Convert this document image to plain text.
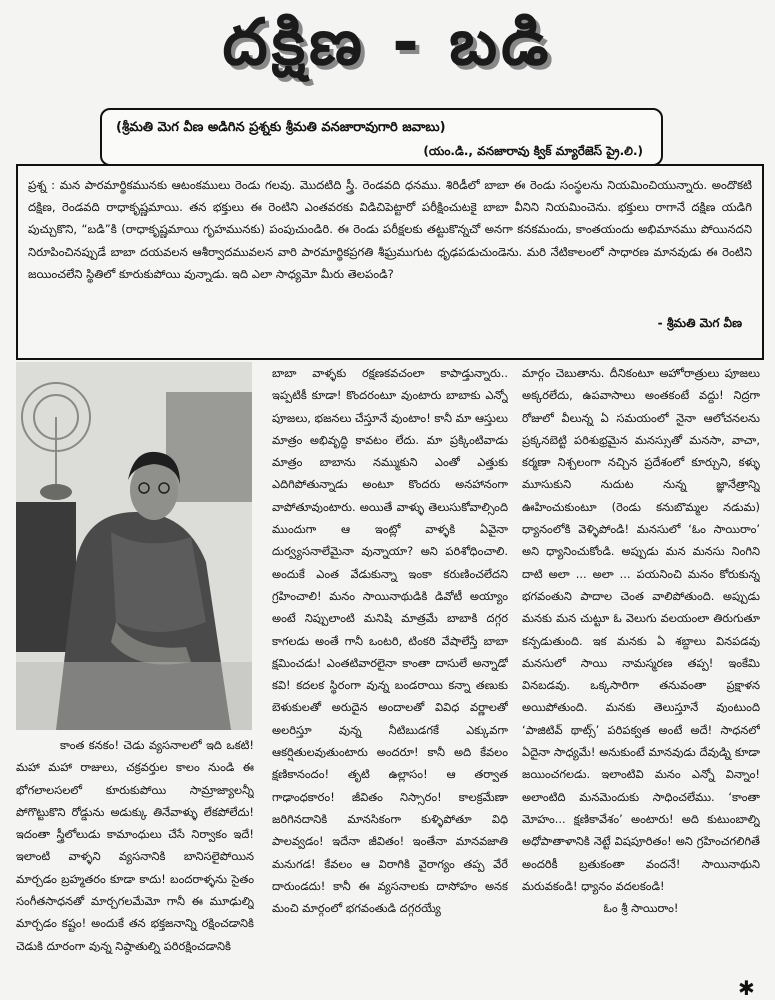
దక్షిణ - బడి
(శ్రీమతి మెగ వీణ అడిగిన ప్రశ్నకు శ్రీమతి వనజారావుగారి జవాబు)
(యం.డి., వనజారావు క్విక్ మ్యారేజెస్ ప్రై.లి.)
ప్రశ్న : మన పారమార్థికమునకు ఆటంకములు రెండు గలవు. మొదటిది స్త్రీ. రెండవది ధనము. శిరిడీలో బాబా ఈ రెండు సంస్థలను నియమించియున్నారు. అందొకటి దక్షిణ, రెండవది రాధాకృష్ణమాయి. తన భక్తులు ఈ రెంటిని ఎంతవరకు విడిచిపెట్టారో పరీక్షించుటకై బాబా వీనిని నియమించెను. భక్తులు రాగానే దక్షిణ యడిగి పుచ్చుకొని, “బడి”కి (రాధాకృష్ణమాయి గృహమునకు) పంపుచుండిరి. ఈ రెండు పరీక్షలకు తట్టుకొన్నచో అనగా కనకమందు, కాంతయందు అభిమానము పోయినదని నిరూపించినప్పుడే బాబా దయవలన ఆశీర్వాదమువలన వారి పారమార్థికప్రగతి శీఘ్రముగుట ధృఢపడుచుండెను. మరి నేటికాలంలో సాధారణ మానవుడు ఈ రెంటిని జయించలేని స్థితిలో కూరుకుపోయి వున్నాడు. ఇది ఎలా సాధ్యమో మీరు తెలపండి?
- శ్రీమతి మెగ వీణ

కాంత కనకం! చెడు వ్యసనాలలో ఇది ఒకటి! మహా మహా రాజులు, చక్రవర్తుల కాలం నుండి ఈ భోగలాలసలలో కూరుకుపోయి సామ్రాజ్యాలన్నీ పోగొట్టుకొని రోడ్డును అడుక్కు తినేవాళ్ళు లేకపోలేదు! ఇదంతా స్త్రీలోలుడు కామాంధులు చేసే నిర్వాకం ఇదే! ఇలాంటి వాళ్ళని వ్యసనానికి బానిసలైపోయిన మార్చడం బ్రహ్మతరం కూడా కాదు! బందరాళ్ళను సైతం సంగీతసాధనతో మార్చగలమేమో గానీ ఈ మూఢుల్ని మార్చడం కష్టం! అందుకే తన భక్తజనాన్ని రక్షించడానికి చెడుకి దూరంగా వున్న నిష్ఠాతుల్ని పరిరక్షించడానికి

బాబా వాళ్ళకు రక్షణకవచంలా కాపాడ్తున్నారు.. ఇప్పటికీ కూడా! కొందరంటూ వుంటారు బాబాకు ఎన్నో పూజలు, భజనలు చేస్తూనే వుంటాం! కానీ మా ఆస్తులు మాత్రం అభివృద్ధి కావటం లేదు. మా ప్రక్కింటివాడు మాత్రం బాబాను నమ్ముకుని ఎంతో ఎత్తుకు ఎదిగిపోతున్నాడు అంటూ కొందరు అనహానంగా వాపోతూవుంటారు. అయితే వాళ్ళు తెలుసుకోవాల్సింది ముందుగా ఆ ఇంట్లో వాళ్ళకి ఏవైనా దుర్వ్యసనాలేమైనా వున్నాయా? అని పరిశోధించాలి. అందుకే ఎంత వేడుకున్నా ఇంకా కరుణించలేదని గ్రహించాలి! మనం సాయినాథుడికి డివోటీ అయ్యాం అంటే నిప్పులాంటి మనిషి మాత్రమే బాబాకి దగ్గర కాగలడు అంతే గానీ ఒంటరి, టింకరి వేషాలేస్తే బాబా క్షమించడు! ఎంతటివారలైనా కాంతా దాసులే అన్నాడో కవి! కదలక స్థిరంగా వున్న బండరాయి కన్నా తణుకు బెళుకులతో అరుదైన అందాలతో వివిధ వర్ణాలతో అలరిస్తూ వున్న నీటిబుడగకే ఎక్కువగా ఆకర్షితులవుతుంటారు అందరూ! కానీ అది కేవలం క్షణికానందం! తృటి ఉల్లాసం! ఆ తర్వాత గాఢాంధకారం! జీవితం నిస్సారం! కాలక్రమేణా జరిగినదానికి మానసికంగా కుళ్ళిపోతూ విధి పాలవ్వడం! ఇదేనా జీవితం! ఇంతేనా మానవజాతి మనుగడ! కేవలం ఆ విరాగికి వైరాగ్యం తప్ప వేరే దారుండదు! కానీ ఈ వ్యసనాలకు దాసోహం అనక మంచి మార్గంలో భగవంతుడి దగ్గరయ్యే

మార్గం చెబుతాను. దీనికంటూ అహోరాత్రులు పూజలు అక్కరలేదు, ఉపవాసాలు అంతకంటే వద్దు! నిద్రగా రోజులో వీలున్న ఏ సమయంలో నైనా ఆలోచనలను ప్రక్కనబెట్టి పరిశుభ్రమైన మనస్సుతో మనసా, వాచా, కర్మణా నిశ్చలంగా నచ్చిన ప్రదేశంలో కూర్చుని, కళ్ళు మూసుకుని నుదుట నున్న జ్ఞానేత్రాన్ని ఊహించుకుంటూ (రెండు కనుబొమ్మల నడుమ) ధ్యానంలోకి వెళ్ళిపోండి! మనసులో ‘ఓం సాయిరాం’ అని ధ్యానించుకోండి. అప్పుడు మన మనసు నింగిని దాటి అలా ... అలా ... పయనించి మనం కోరుకున్న భగవంతుని పాదాల చెంత వాలిపోతుంది. అప్పుడు మనకు మన చుట్టూ ఓ వెలుగు వలయంలా తిరుగుతూ కన్పడుతుంది. ఇక మనకు ఏ శబ్దాలు వినపడవు మనసులో సాయి నామస్మరణ తప్ప! ఇంకేమి వినబడవు. ఒక్కసారిగా తనువంతా ప్రక్షాళన అయిపోతుంది. మనకు తెలుస్తూనే వుంటుంది ‘పాజిటివ్ థాట్స్’ పరిపక్వత అంటే అదే! సాధనలో ఏదైనా సాధ్యమే! అనుకుంటే మానవుడు దేవుడ్ని కూడా జయించగలడు. ఇలాంటివి మనం ఎన్నో విన్నాం! అలాంటిది మనమెందుకు సాధించలేము. ‘కాంతా మోహం... క్షణికావేశం’ అంటారు! అది కుటుంబాల్ని అధోపాతాళానికి నెట్టే విషపూరితం! అని గ్రహించగలిగితే అందరికీ బ్రతుకంతా వందనే! సాయినాథుని మరువకండి! ధ్యానం వదలకండి!

ఓం శ్రీ సాయిరాం!

✱
